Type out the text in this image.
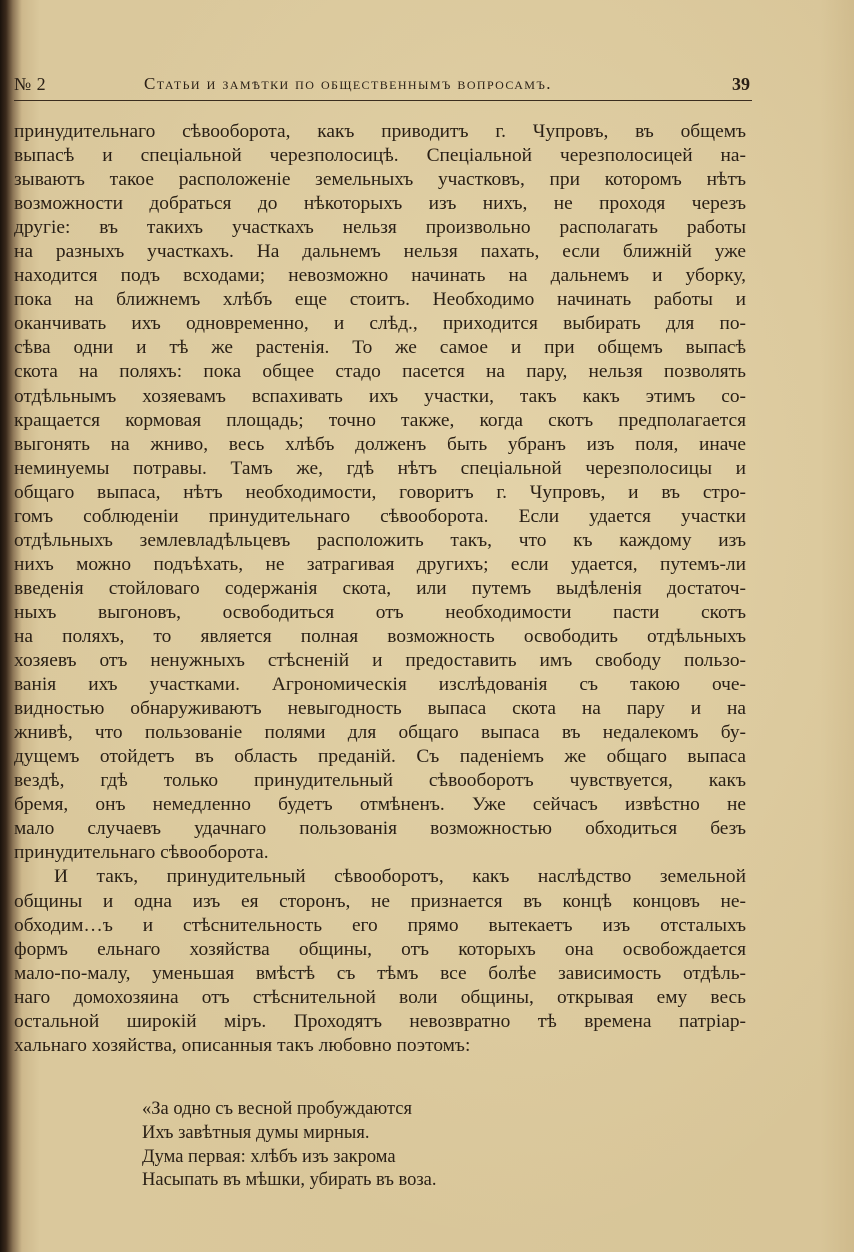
№ 2	Статьи и замѣтки по общественнымъ вопросамъ.	39
принудительнаго сѣвооборота, какъ приводитъ г. Чупровъ, въ общемъ
выпасѣ и спеціальной черезполосицѣ. Спеціальной черезполосицей на-
зываютъ такое расположеніе земельныхъ участковъ, при которомъ нѣтъ
возможности добраться до нѣкоторыхъ изъ нихъ, не проходя черезъ
другіе: въ такихъ участкахъ нельзя произвольно располагать работы
на разныхъ участкахъ. На дальнемъ нельзя пахать, если ближній уже
находится подъ всходами; невозможно начинать на дальнемъ и уборку,
пока на ближнемъ хлѣбъ еще стоитъ. Необходимо начинать работы и
оканчивать ихъ одновременно, и слѣд., приходится выбирать для по-
сѣва одни и тѣ же растенія. То же самое и при общемъ выпасѣ
скота на поляхъ: пока общее стадо пасется на пару, нельзя позволять
отдѣльнымъ хозяевамъ вспахивать ихъ участки, такъ какъ этимъ со-
кращается кормовая площадь; точно также, когда скотъ предполагается
выгонять на жниво, весь хлѣбъ долженъ быть убранъ изъ поля, иначе
неминуемы потравы. Тамъ же, гдѣ нѣтъ спеціальной черезполосицы и
общаго выпаса, нѣтъ необходимости, говоритъ г. Чупровъ, и въ стро-
гомъ соблюденіи принудительнаго сѣвооборота. Если удается участки
отдѣльныхъ землевладѣльцевъ расположить такъ, что къ каждому изъ
нихъ можно подъѣхать, не затрагивая другихъ; если удается, путемъ-ли
введенія стойловаго содержанія скота, или путемъ выдѣленія достаточ-
ныхъ выгоновъ, освободиться отъ необходимости пасти скотъ
на поляхъ, то является полная возможность освободить отдѣльныхъ
хозяевъ отъ ненужныхъ стѣсненій и предоставить имъ свободу пользо-
ванія ихъ участками. Агрономическія изслѣдованія съ такою оче-
видностью обнаруживаютъ невыгодность выпаса скота на пару и на
жнивѣ, что пользованіе полями для общаго выпаса въ недалекомъ бу-
дущемъ отойдетъ въ область преданій. Съ паденіемъ же общаго выпаса
вездѣ, гдѣ только принудительный сѣвооборотъ чувствуется, какъ
бремя, онъ немедленно будетъ отмѣненъ. Уже сейчасъ извѣстно не
мало случаевъ удачнаго пользованія возможностью обходиться безъ
принудительнаго сѣвооборота.
И такъ, принудительный сѣвооборотъ, какъ наслѣдство земельной
общины и одна изъ ея сторонъ, не признается въ концѣ концовъ не-
обходим…ъ и стѣснительность его прямо вытекаетъ изъ отсталыхъ
формъ ельнаго хозяйства общины, отъ которыхъ она освобождается
мало-по-малу, уменьшая вмѣстѣ съ тѣмъ все болѣе зависимость отдѣль-
наго домохозяина отъ стѣснительной воли общины, открывая ему весь
остальной широкій міръ. Проходятъ невозвратно тѣ времена патріар-
хальнаго хозяйства, описанныя такъ любовно поэтомъ:
«За одно съ весной пробуждаются
Ихъ завѣтныя думы мирныя.
Дума первая: хлѣбъ изъ закрома
Насыпать въ мѣшки, убирать въ воза.
